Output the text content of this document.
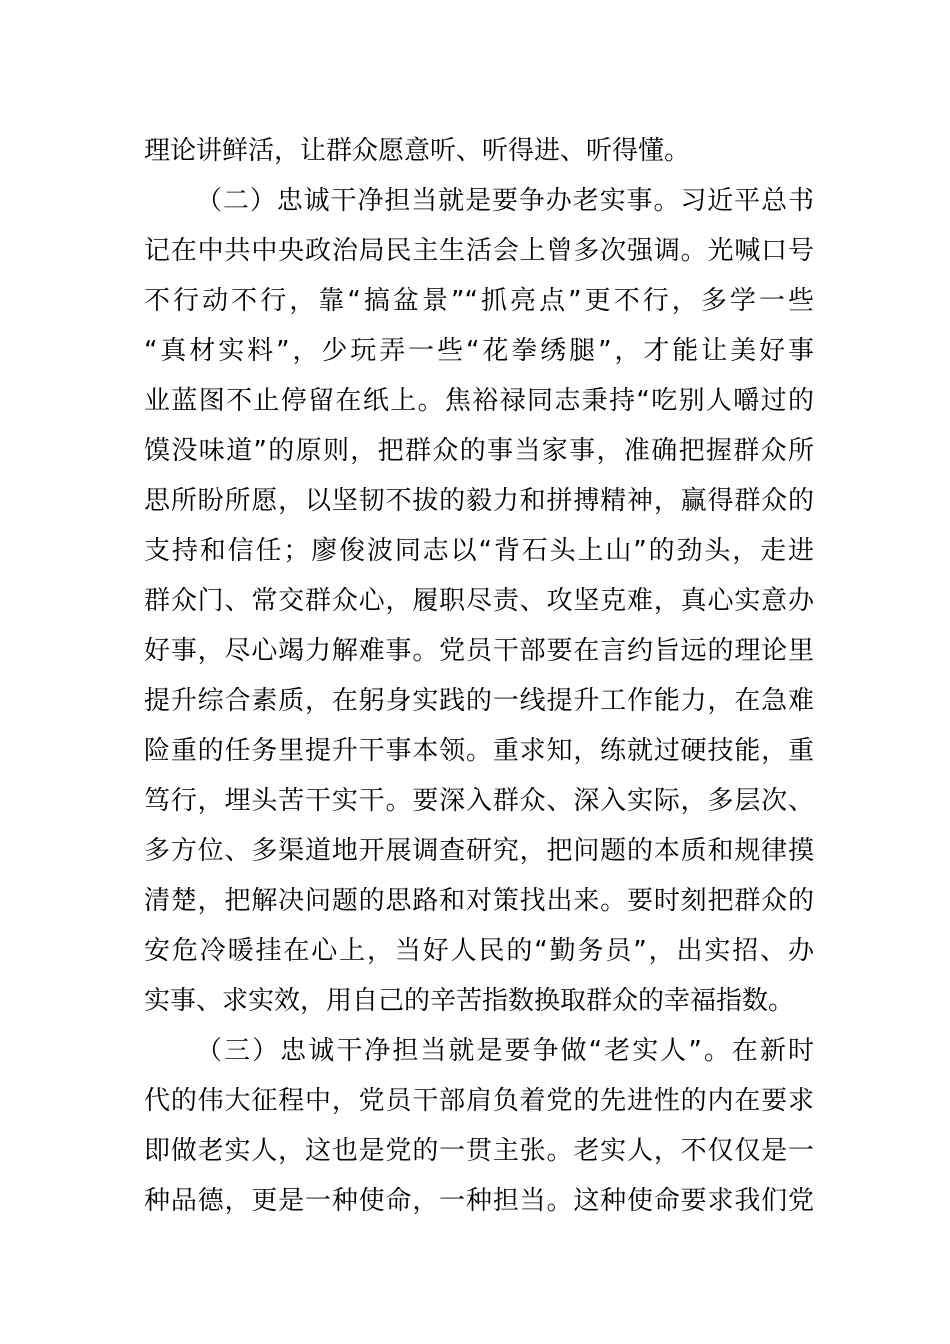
理论讲鲜活，让群众愿意听、听得进、听得懂。
（二）忠诚干净担当就是要争办老实事。习近平总书
记在中共中央政治局民主生活会上曾多次强调。光喊口号
不行动不行，靠“搞盆景”“抓亮点”更不行，多学一些
“真材实料”，少玩弄一些“花拳绣腿”，才能让美好事
业蓝图不止停留在纸上。焦裕禄同志秉持“吃别人嚼过的
馍没味道”的原则，把群众的事当家事，准确把握群众所
思所盼所愿，以坚韧不拔的毅力和拼搏精神，赢得群众的
支持和信任；廖俊波同志以“背石头上山”的劲头，走进
群众门、常交群众心，履职尽责、攻坚克难，真心实意办
好事，尽心竭力解难事。党员干部要在言约旨远的理论里
提升综合素质，在躬身实践的一线提升工作能力，在急难
险重的任务里提升干事本领。重求知，练就过硬技能，重
笃行，埋头苦干实干。要深入群众、深入实际，多层次、
多方位、多渠道地开展调查研究，把问题的本质和规律摸
清楚，把解决问题的思路和对策找出来。要时刻把群众的
安危冷暖挂在心上，当好人民的“勤务员”，出实招、办
实事、求实效，用自己的辛苦指数换取群众的幸福指数。
（三）忠诚干净担当就是要争做“老实人”。在新时
代的伟大征程中，党员干部肩负着党的先进性的内在要求
即做老实人，这也是党的一贯主张。老实人，不仅仅是一
种品德，更是一种使命，一种担当。这种使命要求我们党
